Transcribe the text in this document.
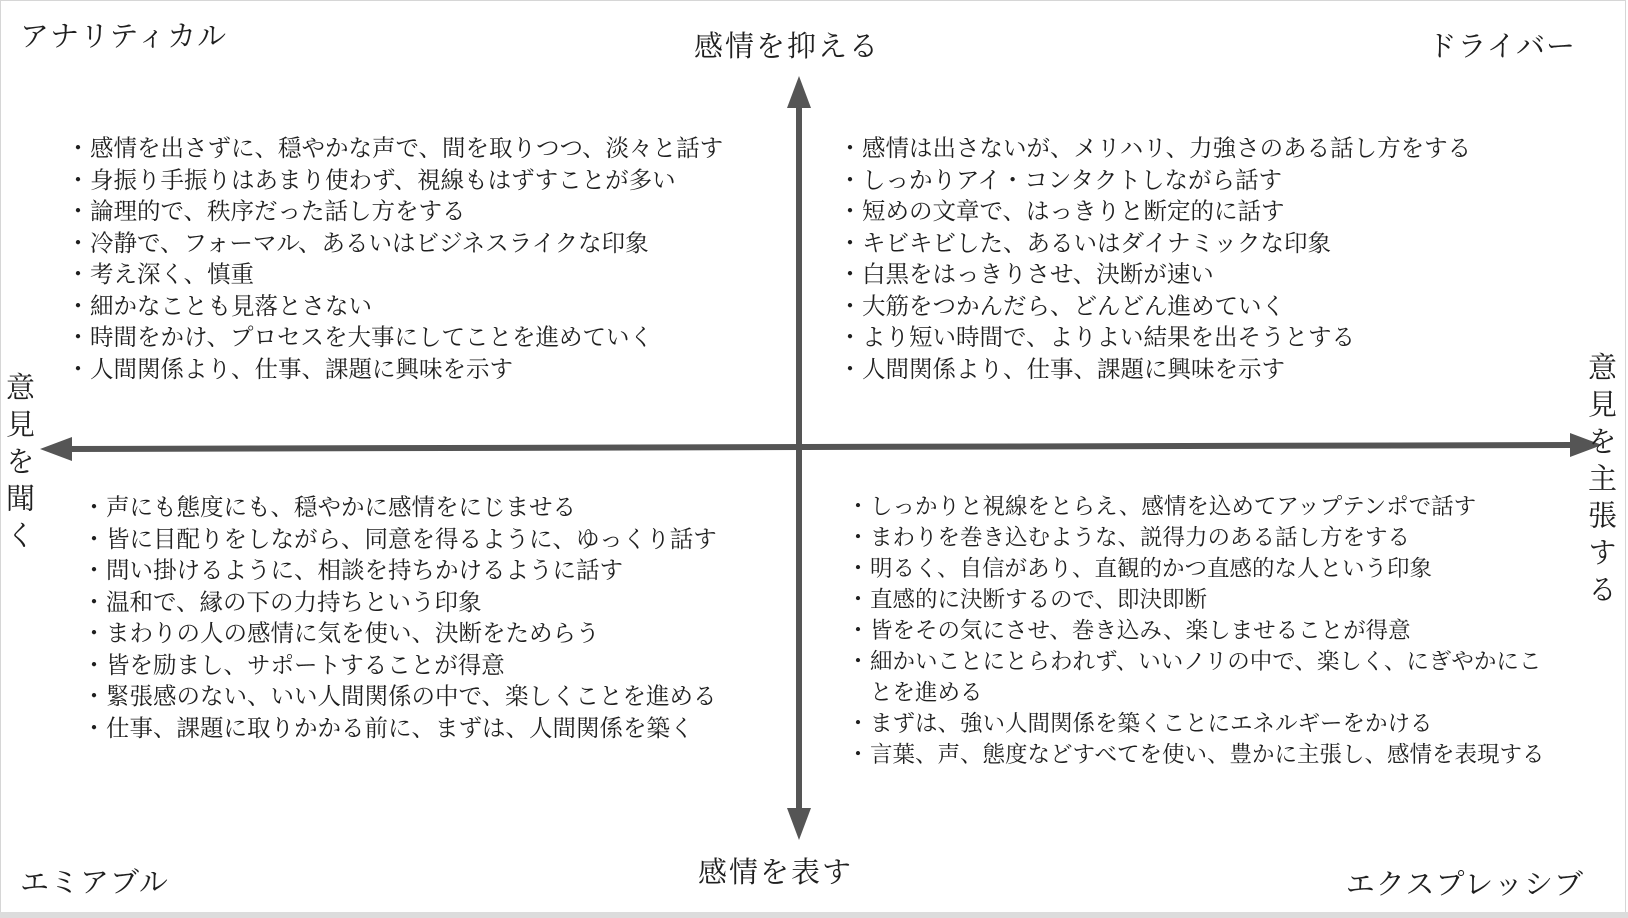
アナリティカル	ドライバー
エミアブル	エクスプレッシブ
感情を抑える
感情を表す
意見を聞く	意見を主張する
・ 感情を出さずに、穏やかな声で、間を取りつつ、淡々と話す
・ 身振り手振りはあまり使わず、視線もはずすことが多い
・ 論理的で、秩序だった話し方をする
・ 冷静で、フォーマル、あるいはビジネスライクな印象
・ 考え深く、慎重
・ 細かなことも見落とさない
・ 時間をかけ、プロセスを大事にしてことを進めていく
・ 人間関係より、仕事、課題に興味を示す
・ 感情は出さないが、メリハリ、力強さのある話し方をする
・ しっかりアイ・コンタクトしながら話す
・ 短めの文章で、はっきりと断定的に話す
・ キビキビした、あるいはダイナミックな印象
・ 白黒をはっきりさせ、決断が速い
・ 大筋をつかんだら、どんどん進めていく
・ より短い時間で、よりよい結果を出そうとする
・ 人間関係より、仕事、課題に興味を示す
・ 声にも態度にも、穏やかに感情をにじませる
・ 皆に目配りをしながら、同意を得るように、ゆっくり話す
・ 問い掛けるように、相談を持ちかけるように話す
・ 温和で、縁の下の力持ちという印象
・ まわりの人の感情に気を使い、決断をためらう
・ 皆を励まし、サポートすることが得意
・ 緊張感のない、いい人間関係の中で、楽しくことを進める
・ 仕事、課題に取りかかる前に、まずは、人間関係を築く
・ しっかりと視線をとらえ、感情を込めてアップテンポで話す
・ まわりを巻き込むような、説得力のある話し方をする
・ 明るく、自信があり、直観的かつ直感的な人という印象
・ 直感的に決断するので、即決即断
・ 皆をその気にさせ、巻き込み、楽しませることが得意
・ 細かいことにとらわれず、いいノリの中で、楽しく、にぎやかにことを進める
・ まずは、強い人間関係を築くことにエネルギーをかける
・ 言葉、声、態度などすべてを使い、豊かに主張し、感情を表現する
